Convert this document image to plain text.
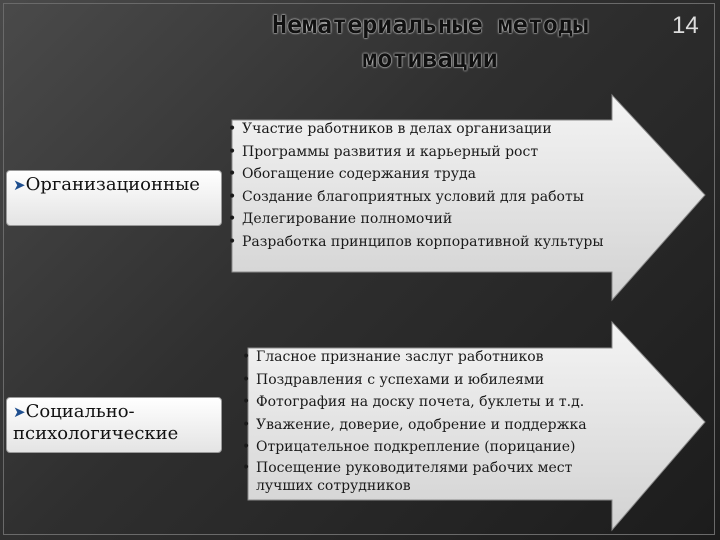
Нематериальные методы мотивации
14
➤Организационные
➤Социально-психологические
• Участие работников в делах организации
• Программы развития и карьерный рост
• Обогащение содержания труда
• Создание благоприятных условий для работы
• Делегирование полномочий
• Разработка принципов корпоративной культуры
• Гласное признание заслуг работников
• Поздравления с успехами и юбилеями
• Фотография на доску почета, буклеты и т.д.
• Уважение, доверие, одобрение и поддержка
• Отрицательное подкрепление (порицание)
• Посещение руководителями рабочих мест лучших сотрудников
